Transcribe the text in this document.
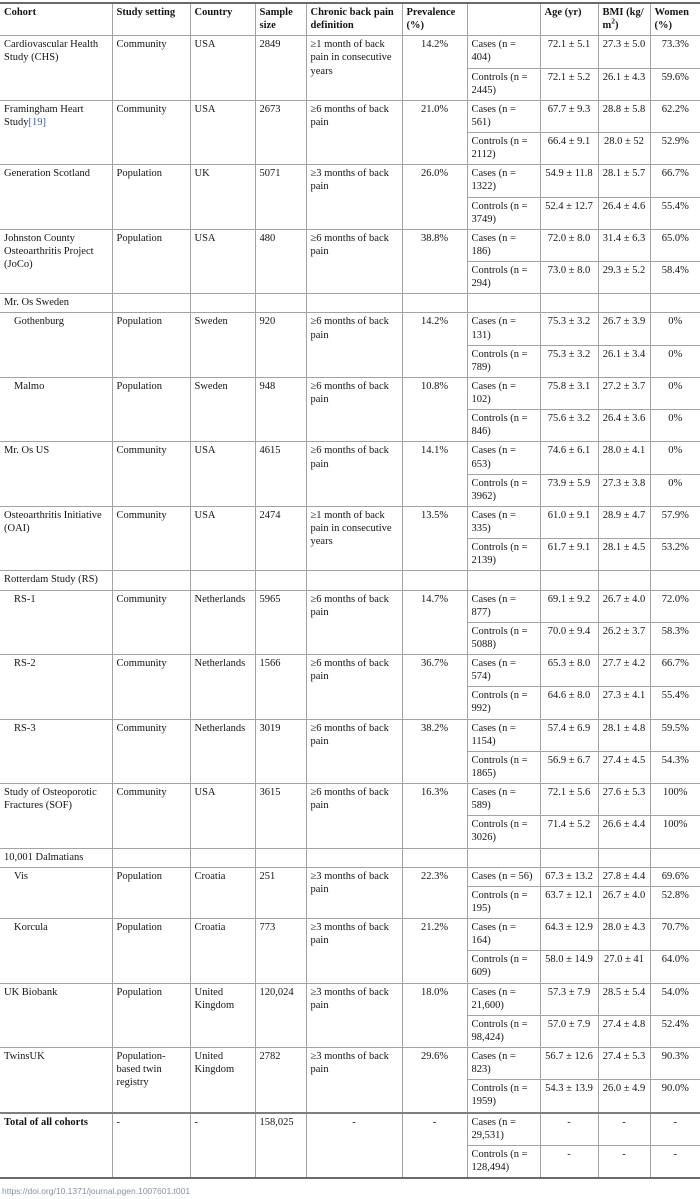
Cohort	Study setting	Country	Sample size	Chronic back pain definition	Prevalence (%)		Age (yr)	BMI $(kg/m^2)$	Women (%)
Cardiovascular Health Study (CHS)	Community	USA	2849	≥1 month of back pain in consecutive years	14.2%	Cases (n = 404)	72.1 ± 5.1	27.3 ± 5.0	73.3%
						Controls (n = 2445)	72.1 ± 5.2	26.1 ± 4.3	59.6%
Framingham Heart Study[19]	Community	USA	2673	≥6 months of back pain	21.0%	Cases (n = 561)	67.7 ± 9.3	28.8 ± 5.8	62.2%
						Controls (n = 2112)	66.4 ± 9.1	28.0 ± 52	52.9%
Generation Scotland	Population	UK	5071	≥3 months of back pain	26.0%	Cases (n = 1322)	54.9 ± 11.8	28.1 ± 5.7	66.7%
						Controls (n = 3749)	52.4 ± 12.7	26.4 ± 4.6	55.4%
Johnston County Osteoarthritis Project (JoCo)	Population	USA	480	≥6 months of back pain	38.8%	Cases (n = 186)	72.0 ± 8.0	31.4 ± 6.3	65.0%
						Controls (n = 294)	73.0 ± 8.0	29.3 ± 5.2	58.4%
Mr. Os Sweden									
Gothenburg	Population	Sweden	920	≥6 months of back pain	14.2%	Cases (n = 131)	75.3 ± 3.2	26.7 ± 3.9	0%
						Controls (n = 789)	75.3 ± 3.2	26.1 ± 3.4	0%
Malmo	Population	Sweden	948	≥6 months of back pain	10.8%	Cases (n = 102)	75.8 ± 3.1	27.2 ± 3.7	0%
						Controls (n = 846)	75.6 ± 3.2	26.4 ± 3.6	0%
Mr. Os US	Community	USA	4615	≥6 months of back pain	14.1%	Cases (n = 653)	74.6 ± 6.1	28.0 ± 4.1	0%
						Controls (n = 3962)	73.9 ± 5.9	27.3 ± 3.8	0%
Osteoarthritis Initiative (OAI)	Community	USA	2474	≥1 month of back pain in consecutive years	13.5%	Cases (n = 335)	61.0 ± 9.1	28.9 ± 4.7	57.9%
						Controls (n = 2139)	61.7 ± 9.1	28.1 ± 4.5	53.2%
Rotterdam Study (RS)									
RS-1	Community	Netherlands	5965	≥6 months of back pain	14.7%	Cases (n = 877)	69.1 ± 9.2	26.7 ± 4.0	72.0%
						Controls (n = 5088)	70.0 ± 9.4	26.2 ± 3.7	58.3%
RS-2	Community	Netherlands	1566	≥6 months of back pain	36.7%	Cases (n = 574)	65.3 ± 8.0	27.7 ± 4.2	66.7%
						Controls (n = 992)	64.6 ± 8.0	27.3 ± 4.1	55.4%
RS-3	Community	Netherlands	3019	≥6 months of back pain	38.2%	Cases (n = 1154)	57.4 ± 6.9	28.1 ± 4.8	59.5%
						Controls (n = 1865)	56.9 ± 6.7	27.4 ± 4.5	54.3%
Study of Osteoporotic Fractures (SOF)	Community	USA	3615	≥6 months of back pain	16.3%	Cases (n = 589)	72.1 ± 5.6	27.6 ± 5.3	100%
						Controls (n = 3026)	71.4 ± 5.2	26.6 ± 4.4	100%
10,001 Dalmatians									
Vis	Population	Croatia	251	≥3 months of back pain	22.3%	Cases (n = 56)	67.3 ± 13.2	27.8 ± 4.4	69.6%
						Controls (n = 195)	63.7 ± 12.1	26.7 ± 4.0	52.8%
Korcula	Population	Croatia	773	≥3 months of back pain	21.2%	Cases (n = 164)	64.3 ± 12.9	28.0 ± 4.3	70.7%
						Controls (n = 609)	58.0 ± 14.9	27.0 ± 41	64.0%
UK Biobank	Population	United Kingdom	120,024	≥3 months of back pain	18.0%	Cases (n = 21,600)	57.3 ± 7.9	28.5 ± 5.4	54.0%
						Controls (n = 98,424)	57.0 ± 7.9	27.4 ± 4.8	52.4%
TwinsUK	Population-based twin registry	United Kingdom	2782	≥3 months of back pain	29.6%	Cases (n = 823)	56.7 ± 12.6	27.4 ± 5.3	90.3%
						Controls (n = 1959)	54.3 ± 13.9	26.0 ± 4.9	90.0%
Total of all cohorts	-	-	158,025	-	-	Cases (n = 29,531)	-	-	-
						Controls (n = 128,494)	-	-	-
https://doi.org/10.1371/journal.pgen.1007601.t001
